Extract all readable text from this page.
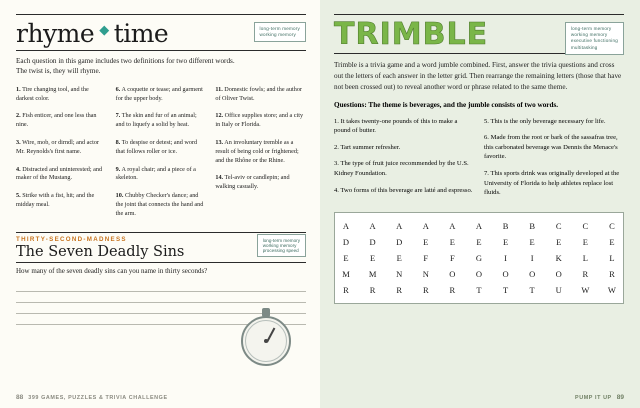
rhyme ◆ time	long-term memory
working memory

Each question in this game includes two definitions for two different words. The twist is, they will rhyme.

1. Tire changing tool, and the darkest color.
2. Fish enticer, and one less than nine.
3. Wire, mob, or dirndl; and actor Mr. Reynolds's first name.
4. Distracted and uninterested; and maker of the Mustang.
5. Strike with a fist, hit; and the midday meal.
6. A coquette or tease; and garment for the upper body.
7. The skin and fur of an animal; and to liquefy a solid by heat.
8. To despise or detest; and word that follows roller or ice.
9. A royal chair; and a piece of a skeleton.
10. Chubby Checker's dance; and the joint that connects the hand and the arm.
11. Domestic fowls; and the author of Oliver Twist.
12. Office supplies store; and a city in Italy or Florida.
13. An involuntary tremble as a result of being cold or frightened; and the Rhône or the Rhine.
14. Tel-aviv or candlepin; and walking casually.
THIRTY-SECOND-MADNESS
The Seven Deadly Sins
long-term memory
working memory
processing speed
How many of the seven deadly sins can you name in thirty seconds?
88 399 GAMES, PUZZLES & TRIVIA CHALLENGE
TRIMBLE	long-term memory
working memory
executive functioning
multitasking

Trimble is a trivia game and a word jumble combined. First, answer the trivia questions and cross out the letters of each answer in the letter grid. Then rearrange the remaining letters (those that have not been crossed out) to reveal another word or phrase related to the same theme.

Questions: The theme is beverages, and the jumble consists of two words.
1. It takes twenty-one pounds of this to make a pound of butter.
2. Tart summer refresher.
3. The type of fruit juice recommended by the U.S. Kidney Foundation.
4. Two forms of this beverage are latté and espresso.
5. This is the only beverage necessary for life.
6. Made from the root or bark of the sassafras tree, this carbonated beverage was Dennis the Menace's favorite.
7. This sports drink was originally developed at the University of Florida to help athletes replace lost fluids.
A A A A A A B B C C C
D D D E	E	E	E	E	E	E	E
E	E	E	F	F	G	I	I	K L	L
M M N N O O O O O R R
R R R R R T	T	T U W W
PUMP IT UP 89
